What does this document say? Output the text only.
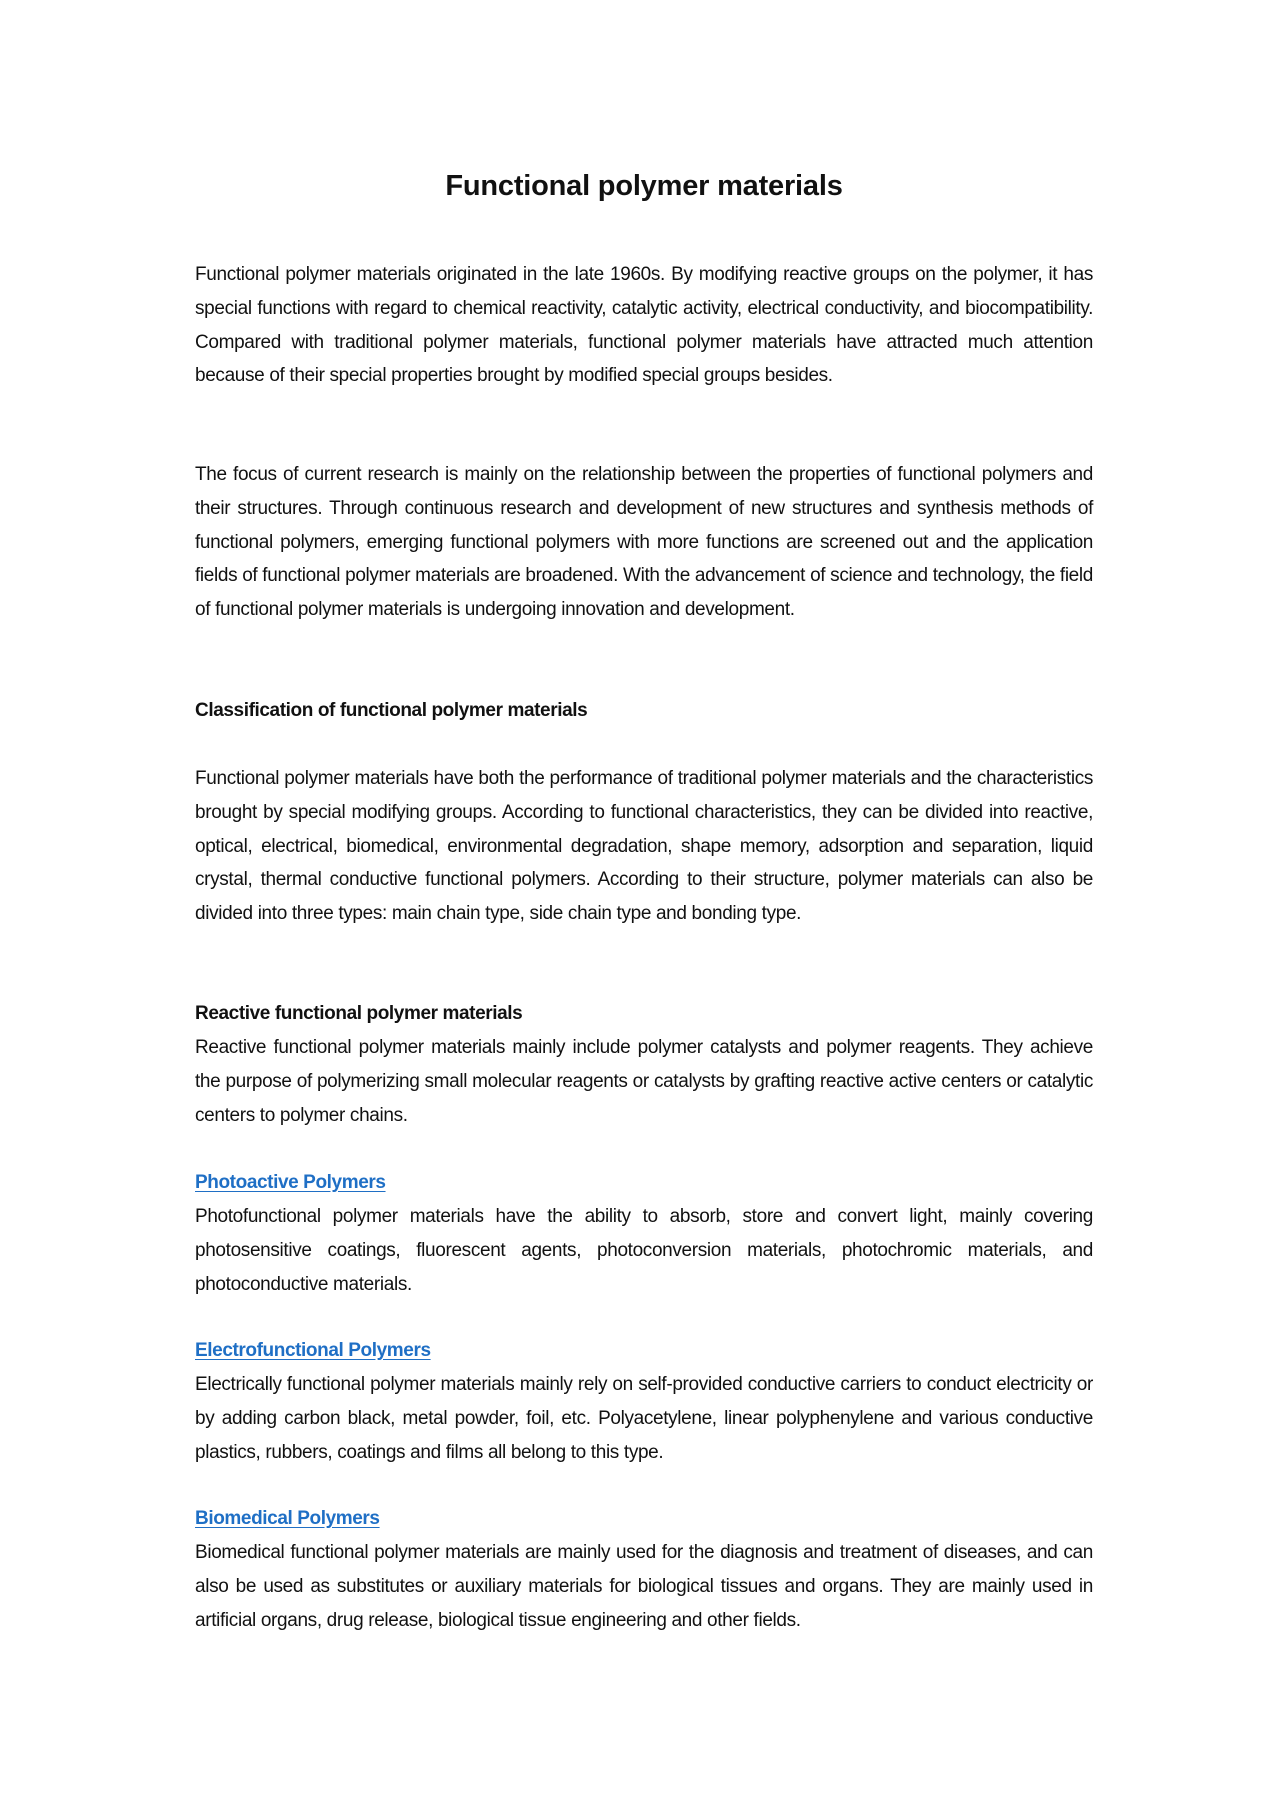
Functional polymer materials

Functional polymer materials originated in the late 1960s. By modifying reactive groups on the polymer, it has special functions with regard to chemical reactivity, catalytic activity, electrical conductivity, and biocompatibility. Compared with traditional polymer materials, functional polymer materials have attracted much attention because of their special properties brought by modified special groups besides.

The focus of current research is mainly on the relationship between the properties of functional polymers and their structures. Through continuous research and development of new structures and synthesis methods of functional polymers, emerging functional polymers with more functions are screened out and the application fields of functional polymer materials are broadened. With the advancement of science and technology, the field of functional polymer materials is undergoing innovation and development.

Classification of functional polymer materials

Functional polymer materials have both the performance of traditional polymer materials and the characteristics brought by special modifying groups. According to functional characteristics, they can be divided into reactive, optical, electrical, biomedical, environmental degradation, shape memory, adsorption and separation, liquid crystal, thermal conductive functional polymers. According to their structure, polymer materials can also be divided into three types: main chain type, side chain type and bonding type.

Reactive functional polymer materials

Reactive functional polymer materials mainly include polymer catalysts and polymer reagents. They achieve the purpose of polymerizing small molecular reagents or catalysts by grafting reactive active centers or catalytic centers to polymer chains.

Photoactive Polymers

Photofunctional polymer materials have the ability to absorb, store and convert light, mainly covering photosensitive coatings, fluorescent agents, photoconversion materials, photochromic materials, and photoconductive materials.

Electrofunctional Polymers

Electrically functional polymer materials mainly rely on self-provided conductive carriers to conduct electricity or by adding carbon black, metal powder, foil, etc. Polyacetylene, linear polyphenylene and various conductive plastics, rubbers, coatings and films all belong to this type.

Biomedical Polymers

Biomedical functional polymer materials are mainly used for the diagnosis and treatment of diseases, and can also be used as substitutes or auxiliary materials for biological tissues and organs. They are mainly used in artificial organs, drug release, biological tissue engineering and other fields.
